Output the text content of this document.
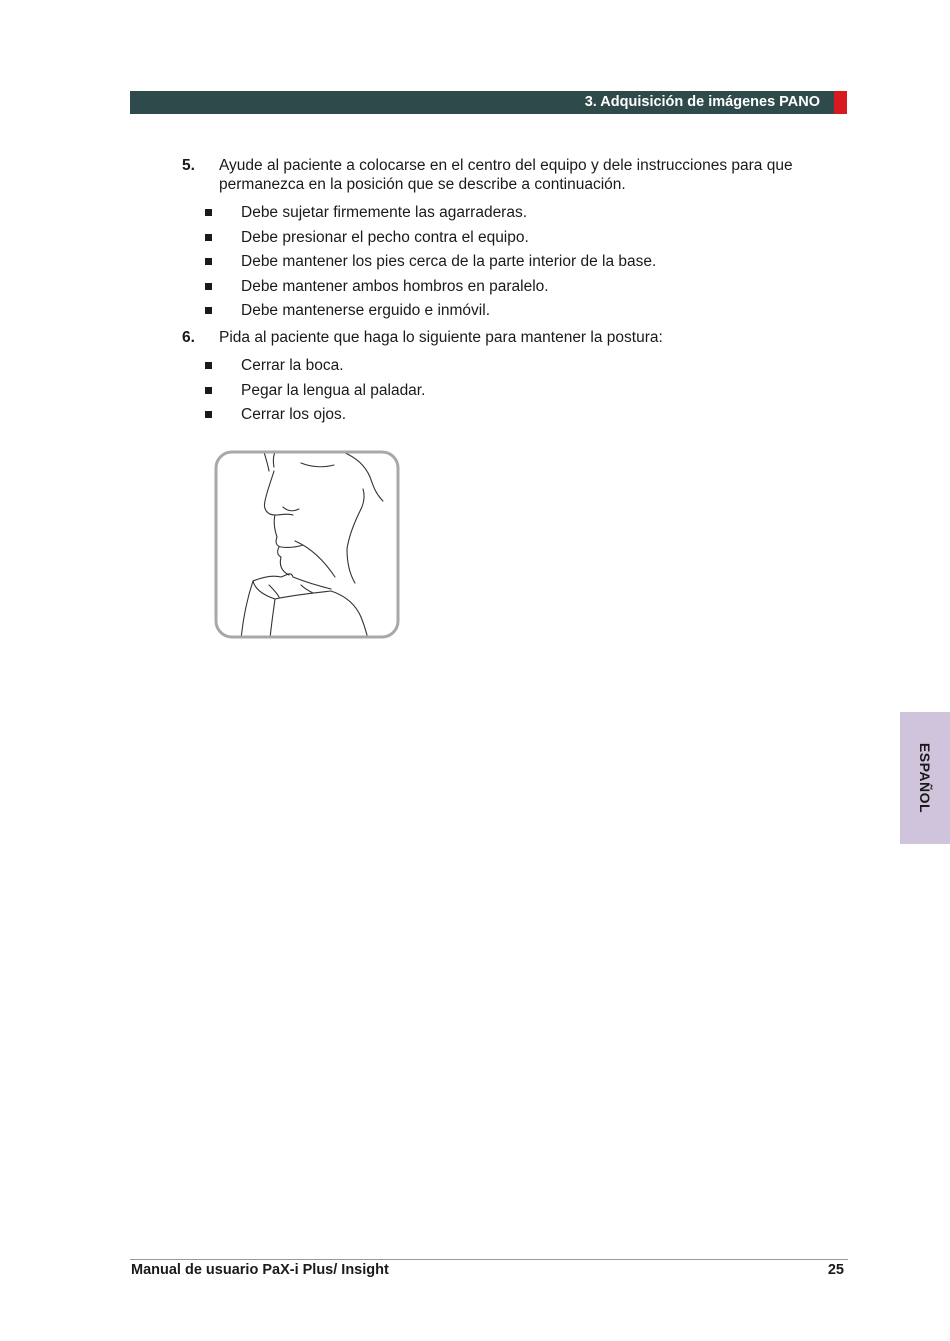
3. Adquisición de imágenes PANO
5. Ayude al paciente a colocarse en el centro del equipo y dele instrucciones para que permanezca en la posición que se describe a continuación.
Debe sujetar firmemente las agarraderas.
Debe presionar el pecho contra el equipo.
Debe mantener los pies cerca de la parte interior de la base.
Debe mantener ambos hombros en paralelo.
Debe mantenerse erguido e inmóvil.
6. Pida al paciente que haga lo siguiente para mantener la postura:
Cerrar la boca.
Pegar la lengua al paladar.
Cerrar los ojos.
ESPAÑOL
Manual de usuario PaX-i Plus/ Insight	25
